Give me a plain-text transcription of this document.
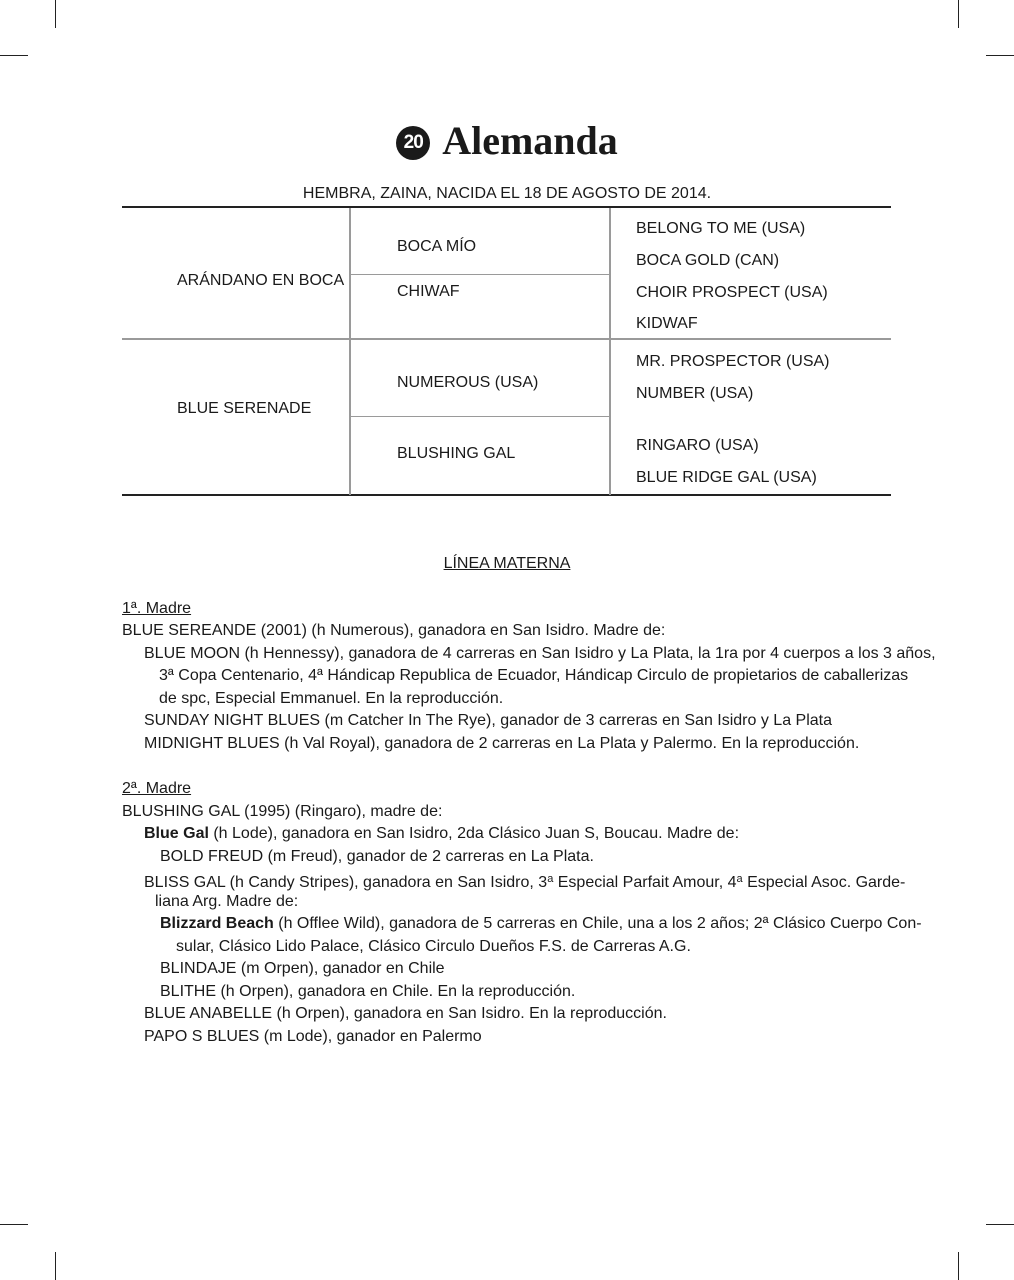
20 Alemanda
HEMBRA, ZAINA, NACIDA EL 18 DE AGOSTO DE 2014.
ARÁNDANO EN BOCA
BLUE SERENADE
BOCA MÍO
CHIWAF
NUMEROUS (USA)
BLUSHING GAL
BELONG TO ME (USA)
BOCA GOLD (CAN)
CHOIR PROSPECT (USA)
KIDWAF
MR. PROSPECTOR (USA)
NUMBER (USA)
RINGARO (USA)
BLUE RIDGE GAL (USA)
LÍNEA MATERNA
1ª. Madre
BLUE SEREANDE (2001) (h Numerous), ganadora en San Isidro. Madre de:
BLUE MOON (h Hennessy), ganadora de 4 carreras en San Isidro y La Plata, la 1ra por 4 cuerpos a los 3 años,
3ª Copa Centenario, 4ª Hándicap Republica de Ecuador, Hándicap Circulo de propietarios de caballerizas
de spc, Especial Emmanuel. En la reproducción.
SUNDAY NIGHT BLUES (m Catcher In The Rye), ganador de 3 carreras en San Isidro y La Plata
MIDNIGHT BLUES (h Val Royal), ganadora de 2 carreras en La Plata y Palermo. En la reproducción.
2ª. Madre
BLUSHING GAL (1995) (Ringaro), madre de:
Blue Gal (h Lode), ganadora en San Isidro, 2da Clásico Juan S, Boucau. Madre de:
BOLD FREUD (m Freud), ganador de 2 carreras en La Plata.
BLISS GAL (h Candy Stripes), ganadora en San Isidro, 3$^a$ Especial Parfait Amour, 4$^a$ Especial Asoc. Garde-
liana Arg. Madre de:
Blizzard Beach (h Offlee Wild), ganadora de 5 carreras en Chile, una a los 2 años; 2ª Clásico Cuerpo Con-
sular, Clásico Lido Palace, Clásico Circulo Dueños F.S. de Carreras A.G.
BLINDAJE (m Orpen), ganador en Chile
BLITHE (h Orpen), ganadora en Chile. En la reproducción.
BLUE ANABELLE (h Orpen), ganadora en San Isidro. En la reproducción.
PAPO S BLUES (m Lode), ganador en Palermo
